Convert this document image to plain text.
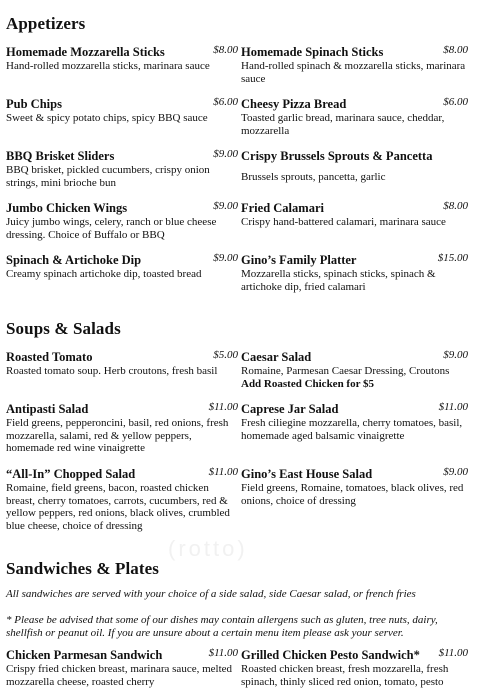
(rotto)
Appetizers
Homemade Mozzarella Sticks	$8.00
Hand-rolled mozzarella sticks, marinara sauce
Homemade Spinach Sticks	$8.00
Hand-rolled spinach & mozzarella sticks, marinara sauce
Pub Chips	$6.00
Sweet & spicy potato chips, spicy BBQ sauce
Cheesy Pizza Bread	$6.00
Toasted garlic bread, marinara sauce, cheddar, mozzarella
BBQ Brisket Sliders	$9.00
BBQ brisket, pickled cucumbers, crispy onion strings, mini brioche bun
Crispy Brussels Sprouts & Pancetta
Brussels sprouts, pancetta, garlic
Jumbo Chicken Wings	$9.00
Juicy jumbo wings, celery, ranch or blue cheese dressing. Choice of Buffalo or BBQ
Fried Calamari	$8.00
Crispy hand-battered calamari, marinara sauce
Spinach & Artichoke Dip	$9.00
Creamy spinach artichoke dip, toasted bread
Gino’s Family Platter	$15.00
Mozzarella sticks, spinach sticks, spinach & artichoke dip, fried calamari
Soups & Salads
Roasted Tomato	$5.00
Roasted tomato soup. Herb croutons, fresh basil
Caesar Salad	$9.00
Romaine, Parmesan Caesar Dressing, Croutons
Add Roasted Chicken for $5
Antipasti Salad	$11.00
Field greens, pepperoncini, basil, red onions, fresh mozzarella, salami, red & yellow peppers, homemade red wine vinaigrette
Caprese Jar Salad	$11.00
Fresh ciliegine mozzarella, cherry tomatoes, basil, homemade aged balsamic vinaigrette
“All-In” Chopped Salad	$11.00
Romaine, field greens, bacon, roasted chicken breast, cherry tomatoes, carrots, cucumbers, red & yellow peppers, red onions, black olives, crumbled blue cheese, choice of dressing
Gino’s East House Salad	$9.00
Field greens, Romaine, tomatoes, black olives, red onions, choice of dressing
Sandwiches & Plates
All sandwiches are served with your choice of a side salad, side Caesar salad, or french fries
* Please be advised that some of our dishes may contain allergens such as gluten, tree nuts, dairy, shellfish or peanut oil. If you are unsure about a certain menu item please ask your server.
Chicken Parmesan Sandwich	$11.00
Crispy fried chicken breast, marinara sauce, melted mozzarella cheese, roasted cherry
Grilled Chicken Pesto Sandwich* $11.00
Roasted chicken breast, fresh mozzarella, fresh spinach, thinly sliced red onion, tomato, pesto
